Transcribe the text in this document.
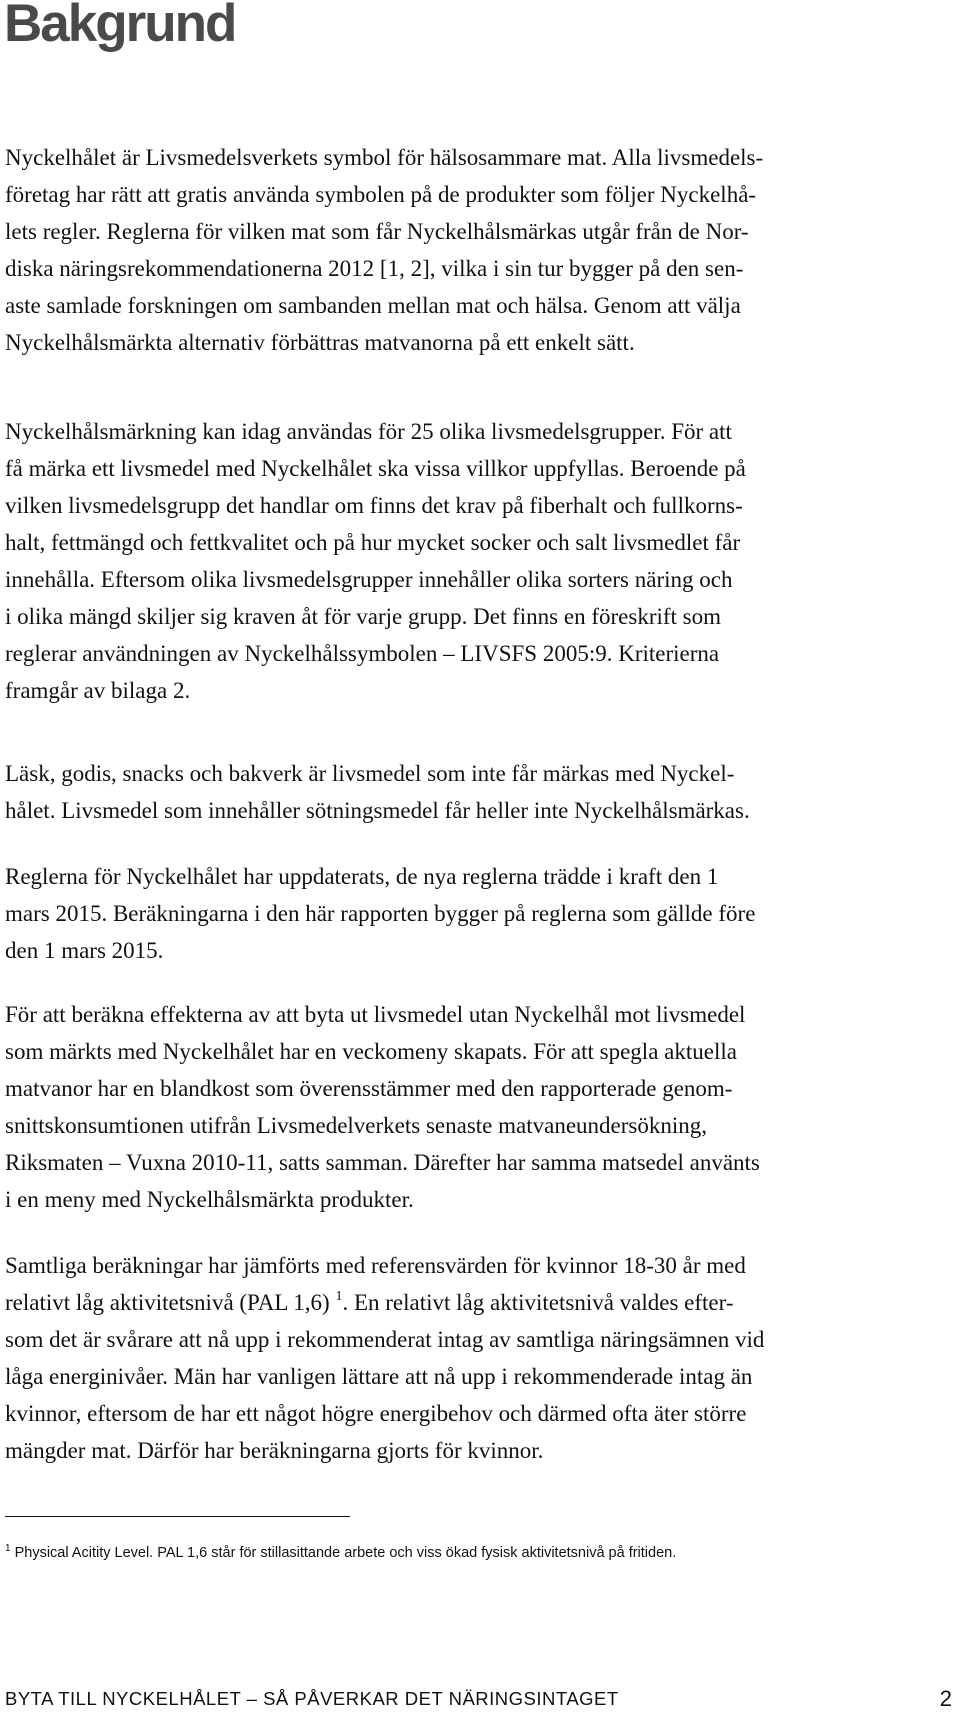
Bakgrund

Nyckelhålet är Livsmedelsverkets symbol för hälsosammare mat. Alla livsmedels-
företag har rätt att gratis använda symbolen på de produkter som följer Nyckelhå-
lets regler. Reglerna för vilken mat som får Nyckelhålsmärkas utgår från de Nor-
diska näringsrekommendationerna 2012 [1, 2], vilka i sin tur bygger på den sen-
aste samlade forskningen om sambanden mellan mat och hälsa. Genom att välja
Nyckelhålsmärkta alternativ förbättras matvanorna på ett enkelt sätt.

Nyckelhålsmärkning kan idag användas för 25 olika livsmedelsgrupper. För att
få märka ett livsmedel med Nyckelhålet ska vissa villkor uppfyllas. Beroende på
vilken livsmedelsgrupp det handlar om finns det krav på fiberhalt och fullkorns-
halt, fettmängd och fettkvalitet och på hur mycket socker och salt livsmedlet får
innehålla. Eftersom olika livsmedelsgrupper innehåller olika sorters näring och
i olika mängd skiljer sig kraven åt för varje grupp. Det finns en föreskrift som
reglerar användningen av Nyckelhålssymbolen – LIVSFS 2005:9. Kriterierna
framgår av bilaga 2.

Läsk, godis, snacks och bakverk är livsmedel som inte får märkas med Nyckel-
hålet. Livsmedel som innehåller sötningsmedel får heller inte Nyckelhålsmärkas.

Reglerna för Nyckelhålet har uppdaterats, de nya reglerna trädde i kraft den 1
mars 2015. Beräkningarna i den här rapporten bygger på reglerna som gällde före
den 1 mars 2015.

För att beräkna effekterna av att byta ut livsmedel utan Nyckelhål mot livsmedel
som märkts med Nyckelhålet har en veckomeny skapats. För att spegla aktuella
matvanor har en blandkost som överensstämmer med den rapporterade genom-
snittskonsumtionen utifrån Livsmedelverkets senaste matvaneundersökning,
Riksmaten – Vuxna 2010-11, satts samman. Därefter har samma matsedel använts
i en meny med Nyckelhålsmärkta produkter.

Samtliga beräkningar har jämförts med referensvärden för kvinnor 18-30 år med
relativt låg aktivitetsnivå (PAL 1,6) $^1$. En relativt låg aktivitetsnivå valdes efter-
som det är svårare att nå upp i rekommenderat intag av samtliga näringsämnen vid
låga energinivåer. Män har vanligen lättare att nå upp i rekommenderade intag än
kvinnor, eftersom de har ett något högre energibehov och därmed ofta äter större
mängder mat. Därför har beräkningarna gjorts för kvinnor.

$^1$ Physical Acitity Level. PAL 1,6 står för stillasittande arbete och viss ökad fysisk aktivitetsnivå på fritiden.

BYTA TILL NYCKELHÅLET – SÅ PÅVERKAR DET NÄRINGSINTAGET	2
